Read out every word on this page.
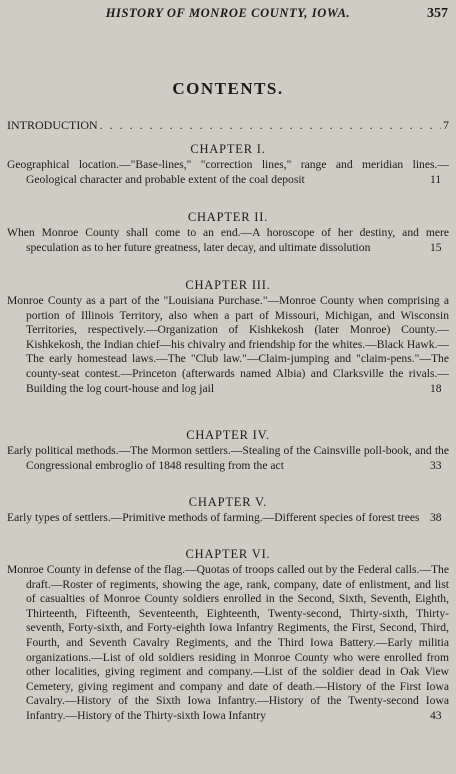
HISTORY OF MONROE COUNTY, IOWA.	357
CONTENTS.
INTRODUCTION . . .	7
CHAPTER I.
Geographical location.—"Base-lines," "correction lines," range and meridian lines.—Geological character and probable extent of the coal deposit	11
CHAPTER II.
When Monroe County shall come to an end.—A horoscope of her destiny, and mere speculation as to her future greatness, later decay, and ultimate dissolution	15
CHAPTER III.
Monroe County as a part of the "Louisiana Purchase."—Monroe County when comprising a portion of Illinois Territory, also when a part of Missouri, Michigan, and Wisconsin Territories, respectively.—Organization of Kishkekosh (later Monroe) County.—Kishkekosh, the Indian chief—his chivalry and friendship for the whites.—Black Hawk.—The early homestead laws.—The "Club law."—Claim-jumping and "claim-pens."—The county-seat contest.—Princeton (afterwards named Albia) and Clarksville the rivals.—Building the log court-house and log jail	18
CHAPTER IV.
Early political methods.—The Mormon settlers.—Stealing of the Cainsville poll-book, and the Congressional embroglio of 1848 resulting from the act	33
CHAPTER V.
Early types of settlers.—Primitive methods of farming.—Different species of forest trees 38
CHAPTER VI.
Monroe County in defense of the flag.—Quotas of troops called out by the Federal calls.—The draft.—Roster of regiments, showing the age, rank, company, date of enlistment, and list of casualties of Monroe County soldiers enrolled in the Second, Sixth, Seventh, Eighth, Thirteenth, Fifteenth, Seventeenth, Eighteenth, Twenty-second, Thirty-sixth, Thirty-seventh, Forty-sixth, and Forty-eighth Iowa Infantry Regiments, the First, Second, Third, Fourth, and Seventh Cavalry Regiments, and the Third Iowa Battery.—Early militia organizations.—List of old soldiers residing in Monroe County who were enrolled from other localities, giving regiment and company.—List of the soldier dead in Oak View Cemetery, giving regiment and company and date of death.—History of the First Iowa Cavalry.—History of the Sixth Iowa Infantry.—History of the Twenty-second Iowa Infantry.—History of the Thirty-sixth Iowa Infantry	43
